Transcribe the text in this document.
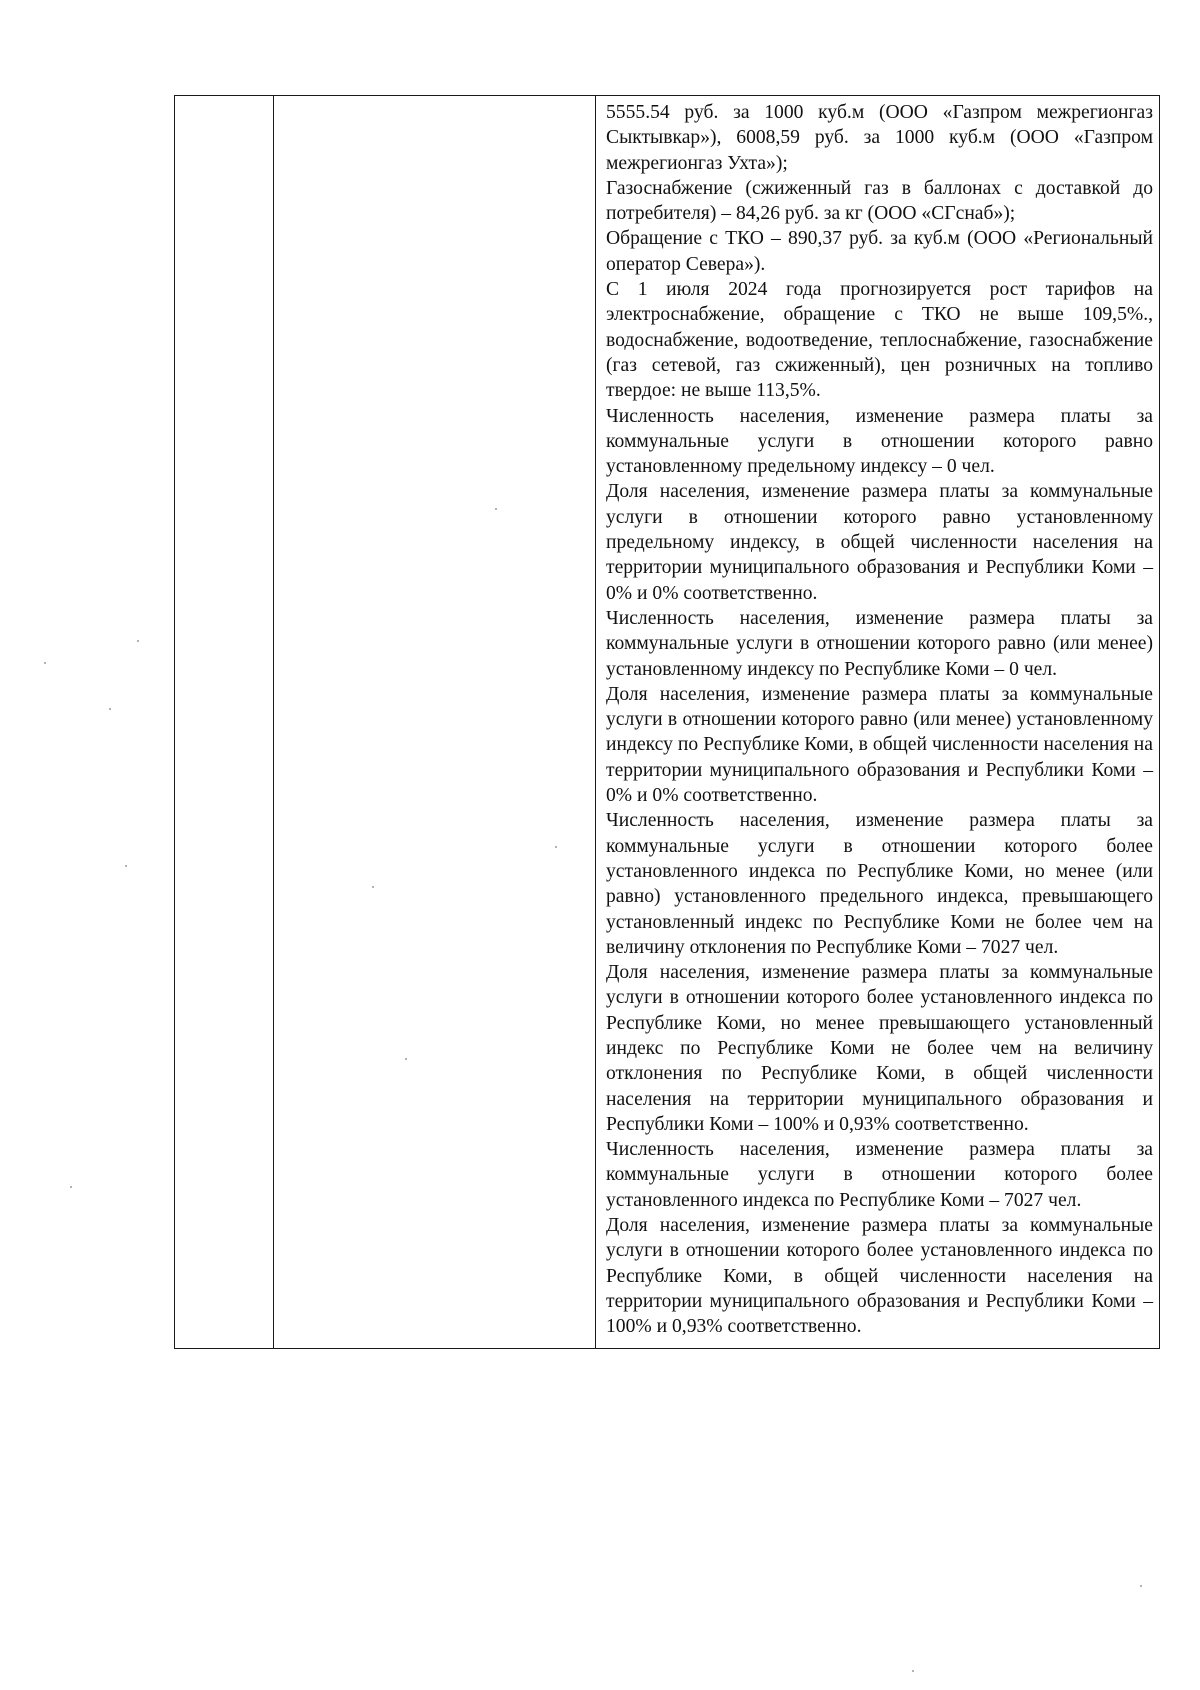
5555.54 руб. за 1000 куб.м (ООО «Газпром межрегионгаз Сыктывкар»), 6008,59 руб. за 1000 куб.м (ООО «Газпром межрегионгаз Ухта»);

Газоснабжение (сжиженный газ в баллонах с доставкой до потребителя) – 84,26 руб. за кг (ООО «СГснаб»);

Обращение с ТКО – 890,37 руб. за куб.м (ООО «Региональный оператор Севера»).

С 1 июля 2024 года прогнозируется рост тарифов на электроснабжение, обращение с ТКО не выше 109,5%., водоснабжение, водоотведение, теплоснабжение, газоснабжение (газ сетевой, газ сжиженный), цен розничных на топливо твердое: не выше 113,5%.

Численность населения, изменение размера платы за коммунальные услуги в отношении которого равно установленному предельному индексу – 0 чел.

Доля населения, изменение размера платы за коммунальные услуги в отношении которого равно установленному предельному индексу, в общей численности населения на территории муниципального образования и Республики Коми – 0% и 0% соответственно.

Численность населения, изменение размера платы за коммунальные услуги в отношении которого равно (или менее) установленному индексу по Республике Коми – 0 чел.

Доля населения, изменение размера платы за коммунальные услуги в отношении которого равно (или менее) установленному индексу по Республике Коми, в общей численности населения на территории муниципального образования и Республики Коми – 0% и 0% соответственно.

Численность населения, изменение размера платы за коммунальные услуги в отношении которого более установленного индекса по Республике Коми, но менее (или равно) установленного предельного индекса, превышающего установленный индекс по Республике Коми не более чем на величину отклонения по Республике Коми – 7027 чел.

Доля населения, изменение размера платы за коммунальные услуги в отношении которого более установленного индекса по Республике Коми, но менее превышающего установленный индекс по Республике Коми не более чем на величину отклонения по Республике Коми, в общей численности населения на территории муниципального образования и Республики Коми – 100% и 0,93% соответственно.

Численность населения, изменение размера платы за коммунальные услуги в отношении которого более установленного индекса по Республике Коми – 7027 чел.

Доля населения, изменение размера платы за коммунальные услуги в отношении которого более установленного индекса по Республике Коми, в общей численности населения на территории муниципального образования и Республики Коми – 100% и 0,93% соответственно.
